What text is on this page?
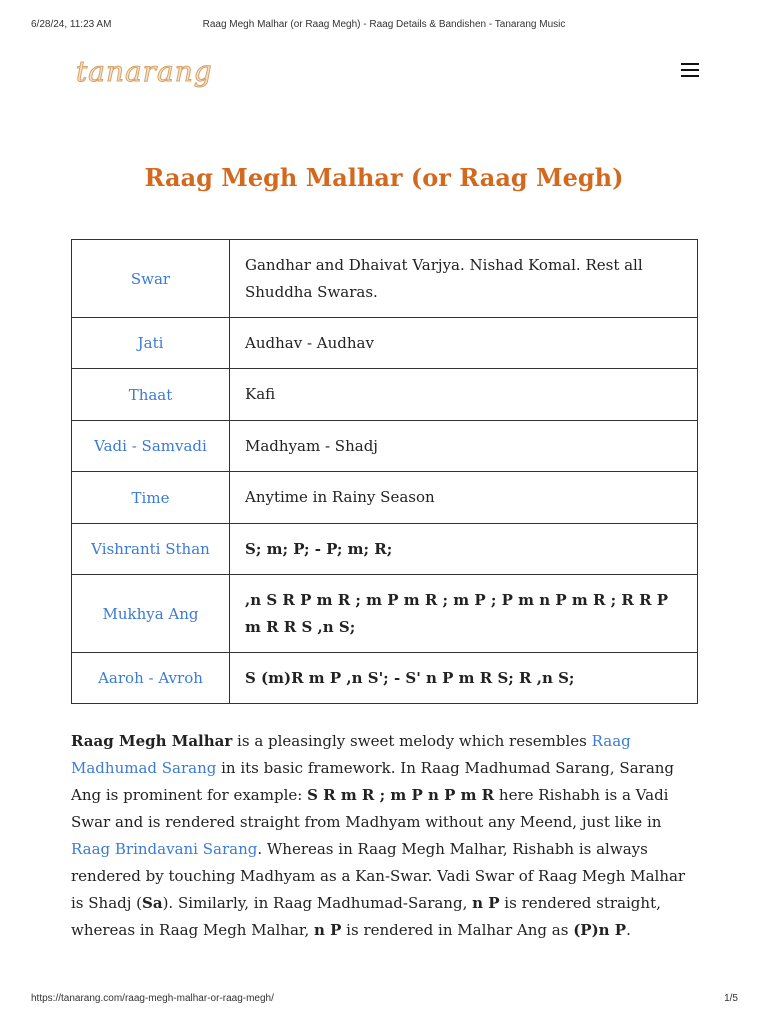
6/28/24, 11:23 AM	Raag Megh Malhar (or Raag Megh) - Raag Details & Bandishen - Tanarang Music
tanarang
Raag Megh Malhar (or Raag Megh)
Swar	Gandhar and Dhaivat Varjya. Nishad Komal. Rest all Shuddha Swaras.
Jati	Audhav - Audhav
Thaat	Kafi
Vadi - Samvadi	Madhyam - Shadj
Time	Anytime in Rainy Season
Vishranti Sthan	S; m; P; - P; m; R;
Mukhya Ang	,n S R P m R ; m P m R ; m P ; P m n P m R ; R R P m R R S ,n S;
Aaroh - Avroh	S (m)R m P ,n S'; - S' n P m R S; R ,n S;

Raag Megh Malhar is a pleasingly sweet melody which resembles Raag Madhumad Sarang in its basic framework. In Raag Madhumad Sarang, Sarang Ang is prominent for example: S R m R ; m P n P m R here Rishabh is a Vadi Swar and is rendered straight from Madhyam without any Meend, just like in Raag Brindavani Sarang. Whereas in Raag Megh Malhar, Rishabh is always rendered by touching Madhyam as a Kan-Swar. Vadi Swar of Raag Megh Malhar is Shadj (Sa). Similarly, in Raag Madhumad-Sarang, n P is rendered straight, whereas in Raag Megh Malhar, n P is rendered in Malhar Ang as (P)n P.

https://tanarang.com/raag-megh-malhar-or-raag-megh/	1/5
